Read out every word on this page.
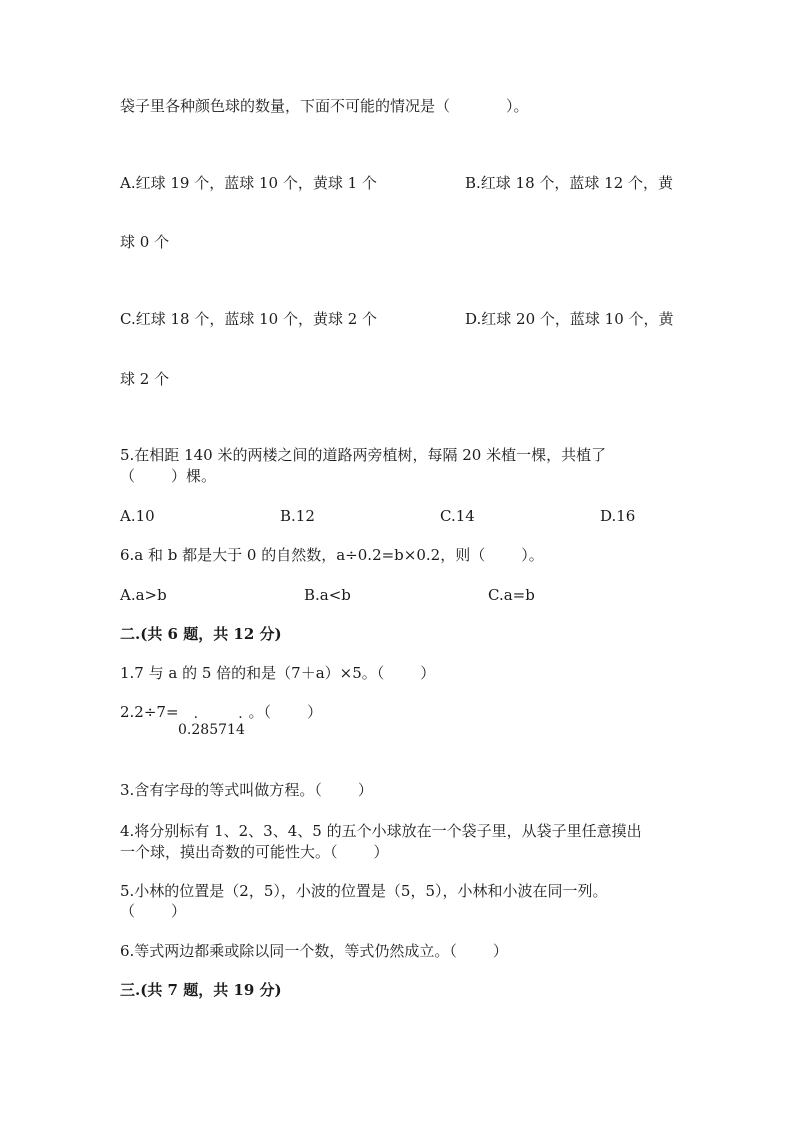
袋子里各种颜色球的数量，下面不可能的情况是（	）。
A.红球 19 个，蓝球 10 个，黄球 1 个	B.红球 18 个，蓝球 12 个，黄
球 0 个
C.红球 18 个，蓝球 10 个，黄球 2 个	D.红球 20 个，蓝球 10 个，黄
球 2 个
5.在相距 140 米的两楼之间的道路两旁植树，每隔 20 米植一棵，共植了
（ ）棵。
A.10	B.12	C.14	D.16
6.a 和 b 都是大于 0 的自然数，a÷0.2=b×0.2，则（ ）。
A.a>b	B.a<b	C.a=b
二.(共 6 题，共 12 分)
1.7 与 a 的 5 倍的和是（7＋a）×5。（ ）
2.2÷7=	。（ ）
0.· 28571· 4
3.含有字母的等式叫做方程。（ ）
4.将分别标有 1、2、3、4、5 的五个小球放在一个袋子里，从袋子里任意摸出
一个球，摸出奇数的可能性大。（ ）
5.小林的位置是（2，5），小波的位置是（5，5），小林和小波在同一列。
（ ）
6.等式两边都乘或除以同一个数，等式仍然成立。（ ）
三.(共 7 题，共 19 分)
